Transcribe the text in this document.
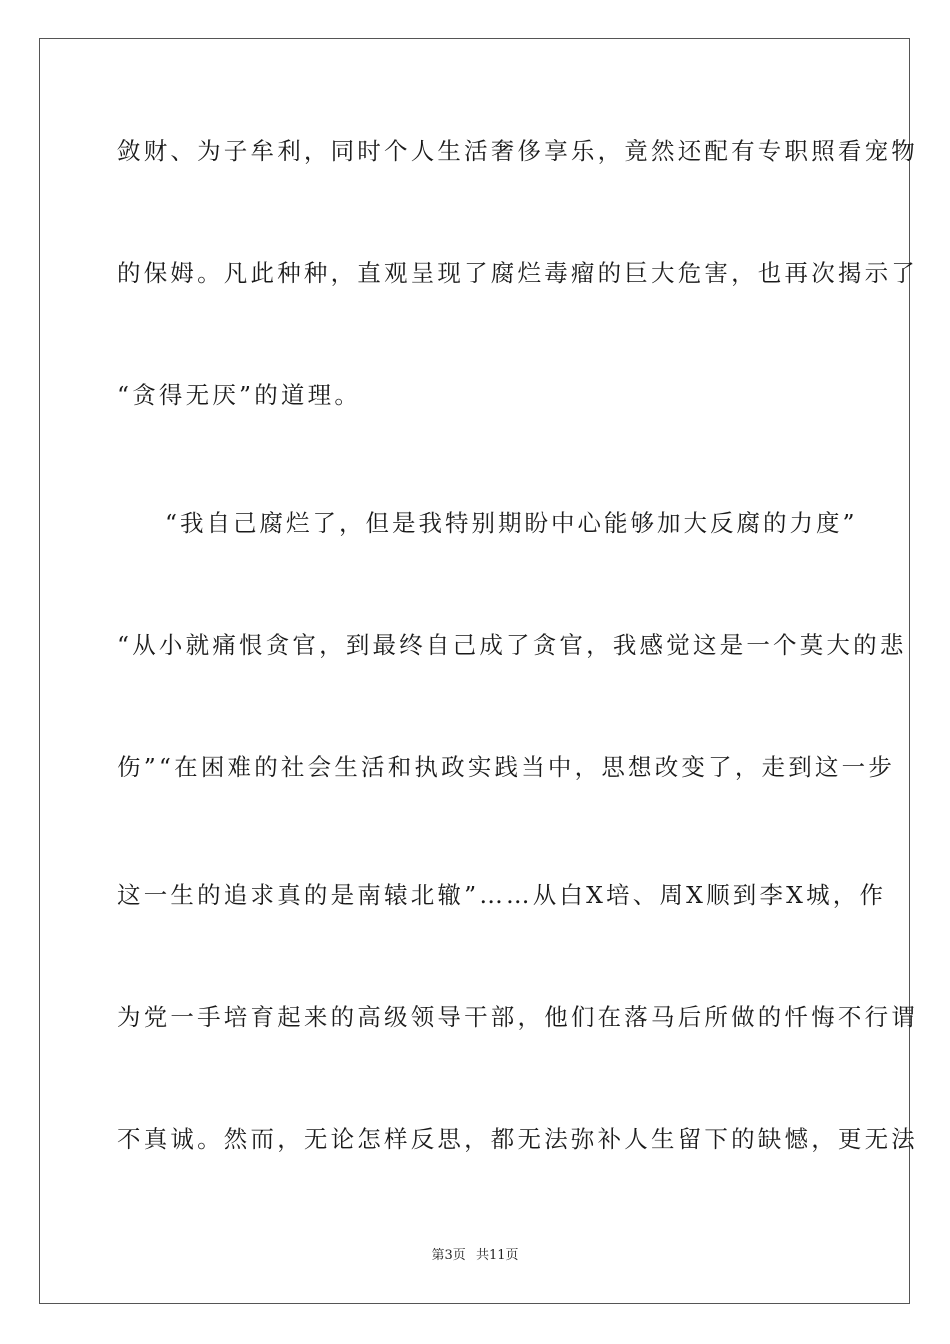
敛财、为子牟利，同时个人生活奢侈享乐，竟然还配有专职照看宠物
的保姆。凡此种种，直观呈现了腐烂毒瘤的巨大危害，也再次揭示了
“贪得无厌”的道理。
“我自己腐烂了，但是我特别期盼中心能够加大反腐的力度”
“从小就痛恨贪官，到最终自己成了贪官，我感觉这是一个莫大的悲
伤”“在困难的社会生活和执政实践当中，思想改变了，走到这一步
这一生的追求真的是南辕北辙”……从白X培、周X顺到李X城，作
为党一手培育起来的高级领导干部，他们在落马后所做的忏悔不行谓
不真诚。然而，无论怎样反思，都无法弥补人生留下的缺憾，更无法
第3页 共11页
